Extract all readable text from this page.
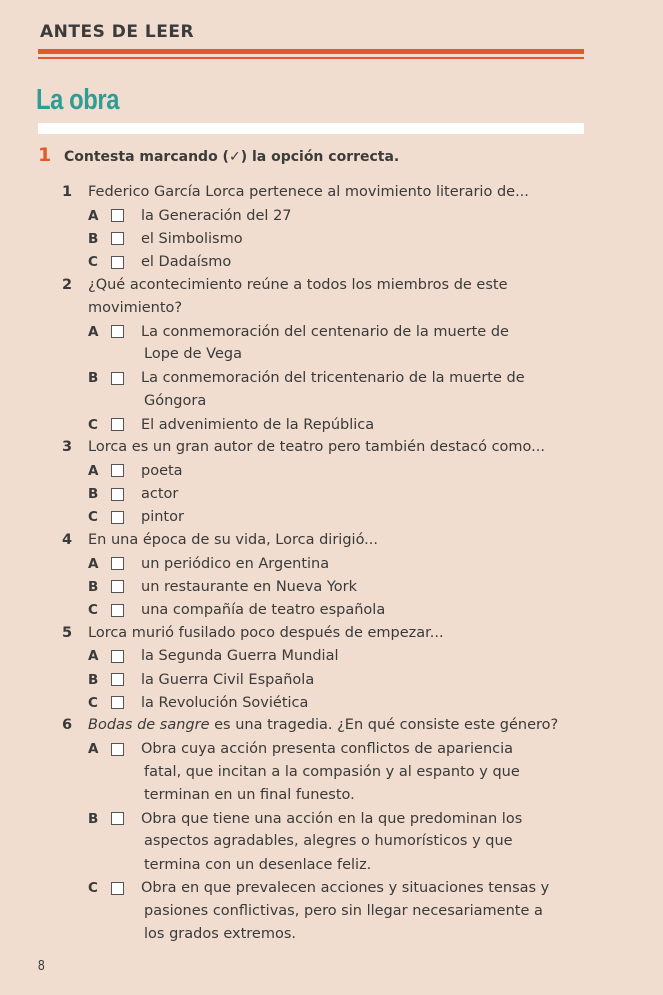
ANTES DE LEER
La obra
1 Contesta marcando (✓) la opción correcta.
1	Federico García Lorca pertenece al movimiento literario de...
A	la Generación del 27
B	el Simbolismo
C	el Dadaísmo
2	¿Qué acontecimiento reúne a todos los miembros de este
movimiento?
A	La conmemoración del centenario de la muerte de
Lope de Vega
B	La conmemoración del tricentenario de la muerte de
Góngora
C	El advenimiento de la República
3	Lorca es un gran autor de teatro pero también destacó como...
A	poeta
B	actor
C	pintor
4	En una época de su vida, Lorca dirigió...
A	un periódico en Argentina
B	un restaurante en Nueva York
C	una compañía de teatro española
5	Lorca murió fusilado poco después de empezar...
A	la Segunda Guerra Mundial
B	la Guerra Civil Española
C	la Revolución Soviética
6	Bodas de sangre es una tragedia. ¿En qué consiste este género?
A	Obra cuya acción presenta conflictos de apariencia
fatal, que incitan a la compasión y al espanto y que
terminan en un final funesto.
B	Obra que tiene una acción en la que predominan los
aspectos agradables, alegres o humorísticos y que
termina con un desenlace feliz.
C	Obra en que prevalecen acciones y situaciones tensas y
pasiones conflictivas, pero sin llegar necesariamente a
los grados extremos.
8
